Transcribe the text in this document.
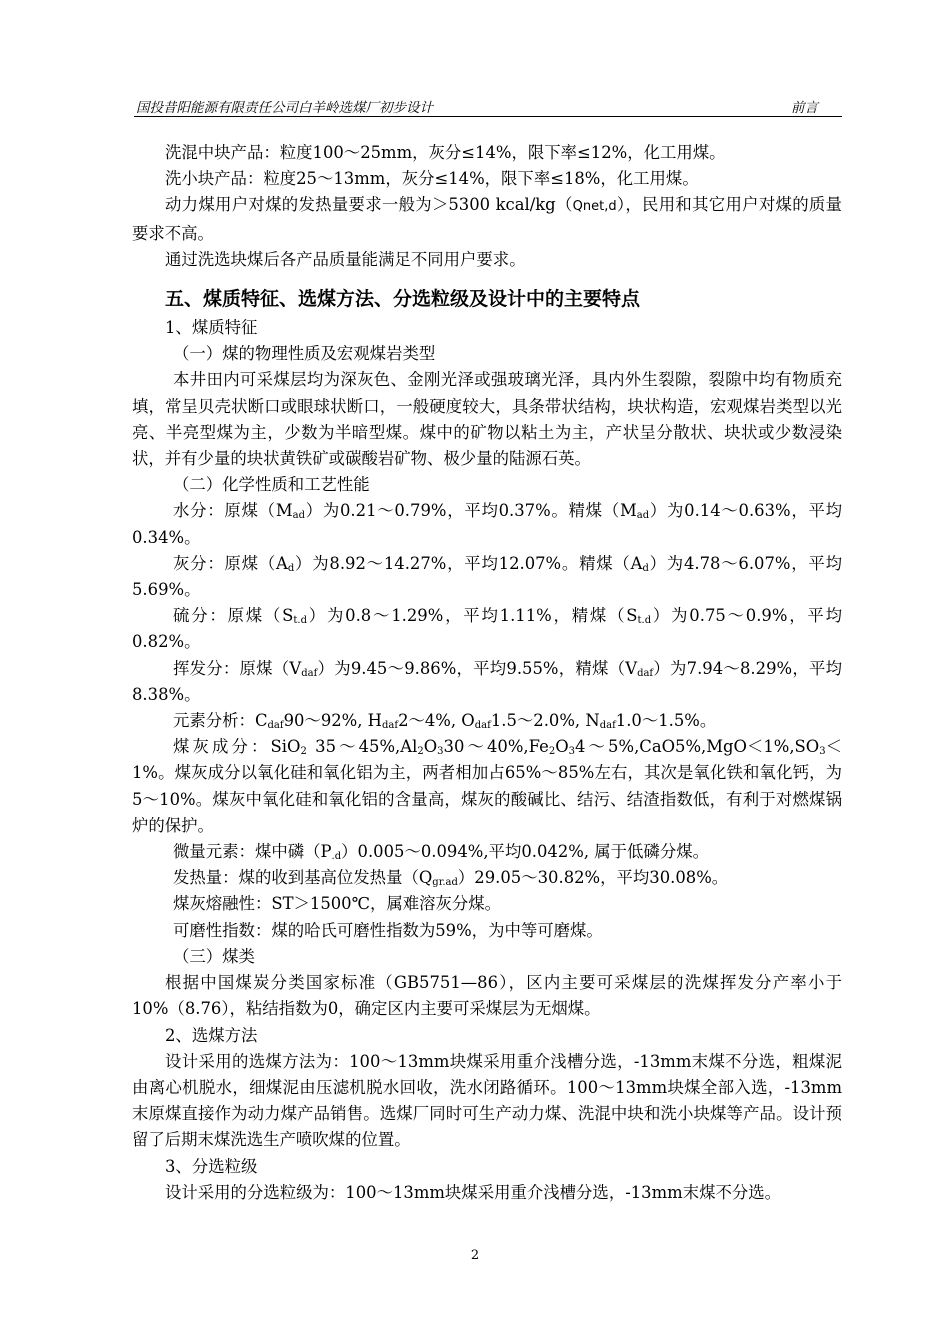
国投昔阳能源有限责任公司白羊岭选煤厂初步设计	前言

洗混中块产品：粒度100～25mm，灰分≤14%，限下率≤12%，化工用煤。

洗小块产品：粒度25～13mm，灰分≤14%，限下率≤18%，化工用煤。

动力煤用户对煤的发热量要求一般为＞5300 kcal/kg（Qnet,d），民用和其它用户对煤的质量要求不高。

通过洗选块煤后各产品质量能满足不同用户要求。

五、煤质特征、选煤方法、分选粒级及设计中的主要特点

1、煤质特征

（一）煤的物理性质及宏观煤岩类型

本井田内可采煤层均为深灰色、金刚光泽或强玻璃光泽，具内外生裂隙，裂隙中均有物质充填，常呈贝壳状断口或眼球状断口，一般硬度较大，具条带状结构，块状构造，宏观煤岩类型以光亮、半亮型煤为主，少数为半暗型煤。煤中的矿物以粘土为主，产状呈分散状、块状或少数浸染状，并有少量的块状黄铁矿或碳酸岩矿物、极少量的陆源石英。

（二）化学性质和工艺性能

水分：原煤$(M_{ad})$为0.21～0.79%，平均0.37%。精煤$(M_{ad})$为0.14～0.63%，平均0.34%。

灰分：原煤$(A_d)$为8.92～14.27%，平均12.07%。精煤$(A_d)$为4.78～6.07%，平均5.69%。

硫分：原煤$(S_{t.d})$为0.8～1.29%，平均1.11%，精煤$(S_{t.d})$为0.75～0.9%，平均0.82%。

挥发分：原煤$(V_{daf})$为9.45～9.86%，平均9.55%，精煤$(V_{daf})$为7.94～8.29%，平均8.38%。

元素分析：$C_{daf}90\sim 92\%$, $H_{daf}2\sim 4\%$, $O_{daf}1.5\sim 2.0\%$, $N_{daf}1.0\sim 1.5\%$。

煤灰成分：SiO$_2$ $35\sim 45\%,Al_2O_330\sim 40\%,Fe_2O_34\sim 5\%,CaO5\%,MgO<1\%,SO_3<1\%$。煤灰成分以氧化硅和氧化铝为主，两者相加占65%～85%左右，其次是氧化铁和氧化钙，为5～10%。煤灰中氧化硅和氧化铝的含量高，煤灰的酸碱比、结污、结渣指数低，有利于对燃煤锅炉的保护。

微量元素：煤中磷$(P_{.d})0.005\sim 0.094\%$,平均0.042%, 属于低磷分煤。

发热量：煤的收到基高位发热量$(Q_{gr.ad})29.05\sim 30.82\%$，平均30.08%。

煤灰熔融性：ST＞1500℃，属难溶灰分煤。

可磨性指数：煤的哈氏可磨性指数为59%，为中等可磨煤。

（三）煤类

根据中国煤炭分类国家标准（GB5751—86），区内主要可采煤层的洗煤挥发分产率小于10%（8.76），粘结指数为0，确定区内主要可采煤层为无烟煤。

2、选煤方法

设计采用的选煤方法为：100～13mm块煤采用重介浅槽分选，-13mm末煤不分选，粗煤泥由离心机脱水，细煤泥由压滤机脱水回收，洗水闭路循环。100～13mm块煤全部入选，-13mm末原煤直接作为动力煤产品销售。选煤厂同时可生产动力煤、洗混中块和洗小块煤等产品。设计预留了后期末煤洗选生产喷吹煤的位置。

3、分选粒级

设计采用的分选粒级为：100～13mm块煤采用重介浅槽分选，-13mm末煤不分选。

2
